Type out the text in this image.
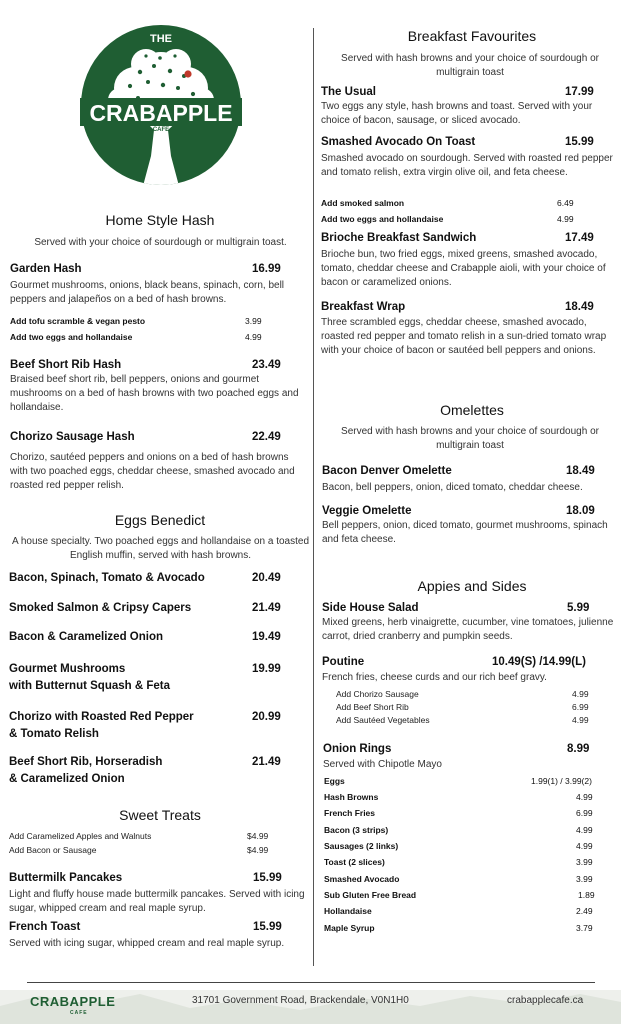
THE
CRABAPPLE
CAFE
Home Style Hash
Served with your choice of sourdough or multigrain toast.
Garden Hash	16.99
Gourmet mushrooms, onions, black beans, spinach, corn, bell peppers and jalapeños on a bed of hash browns.
Add tofu scramble & vegan pesto	3.99
Add two eggs and hollandaise	4.99
Beef Short Rib Hash	23.49
Braised beef short rib, bell peppers, onions and gourmet mushrooms on a bed of hash browns with two poached eggs and hollandaise.
Chorizo Sausage Hash	22.49
Chorizo, sautéed peppers and onions on a bed of hash browns with two poached eggs, cheddar cheese, smashed avocado and roasted red pepper relish.
Eggs Benedict
A house specialty. Two poached eggs and hollandaise on a toasted English muffin, served with hash browns.
Bacon, Spinach, Tomato & Avocado	20.49
Smoked Salmon & Cripsy Capers	21.49
Bacon & Caramelized Onion	19.49
Gourmet Mushrooms
with Butternut Squash & Feta
19.99
Chorizo with Roasted Red Pepper
& Tomato Relish
20.99
Beef Short Rib, Horseradish
& Caramelized Onion
21.49
Sweet Treats
Add Caramelized Apples and Walnuts	$4.99
Add Bacon or Sausage	$4.99
Buttermilk Pancakes	15.99
Light and fluffy house made buttermilk pancakes. Served with icing sugar, whipped cream and real maple syrup.
French Toast	15.99
Served with icing sugar, whipped cream and real maple syrup.
Breakfast Favourites
Served with hash browns and your choice of sourdough or multigrain toast
The Usual	17.99
Two eggs any style, hash browns and toast. Served with your choice of bacon, sausage, or sliced avocado.
Smashed Avocado On Toast	15.99
Smashed avocado on sourdough. Served with roasted red pepper and tomato relish, extra virgin olive oil, and feta cheese.
Add smoked salmon	6.49
Add two eggs and hollandaise	4.99
Brioche Breakfast Sandwich	17.49
Brioche bun, two fried eggs, mixed greens, smashed avocado, tomato, cheddar cheese and Crabapple aioli, with your choice of bacon or caramelized onions.
Breakfast Wrap	18.49
Three scrambled eggs, cheddar cheese, smashed avocado, roasted red pepper and tomato relish in a sun-dried tomato wrap with your choice of bacon or sautéed bell peppers and onions.
Omelettes
Served with hash browns and your choice of sourdough or multigrain toast
Bacon Denver Omelette	18.49
Bacon, bell peppers, onion, diced tomato, cheddar cheese.
Veggie Omelette	18.09
Bell peppers, onion, diced tomato, gourmet mushrooms, spinach and feta cheese.
Appies and Sides
Side House Salad	5.99
Mixed greens, herb vinaigrette, cucumber, vine tomatoes, julienne carrot, dried cranberry and pumpkin seeds.
Poutine	10.49(S) /14.99(L)
French fries, cheese curds and our rich beef gravy.
Add Chorizo Sausage	4.99
Add Beef Short Rib	6.99
Add Sautéed Vegetables	4.99
Onion Rings	8.99
Served with Chipotle Mayo
Eggs	1.99(1) / 3.99(2)
Hash Browns	4.99
French Fries	6.99
Bacon (3 strips)	4.99
Sausages (2 links)	4.99
Toast (2 slices)	3.99
Smashed Avocado	3.99
Sub Gluten Free Bread	1.89
Hollandaise	2.49
Maple Syrup	3.79
CRABAPPLE
CAFE
31701 Government Road, Brackendale, V0N1H0	crabapplecafe.ca
